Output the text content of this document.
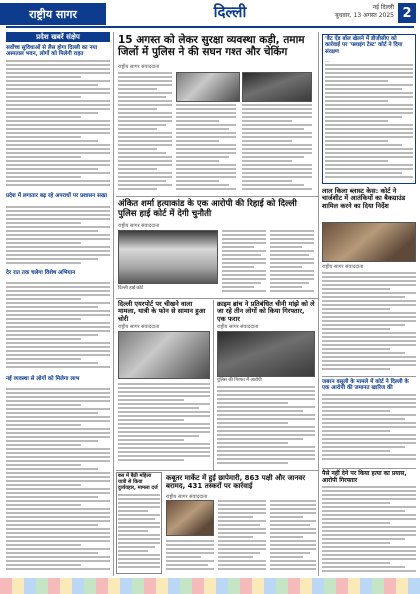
राष्ट्रीय सागर	दिल्ली	नई दिल्ली
बुधवार, 13 अगस्त 2025 2
प्रदेश खबरें संक्षेप
सर्वोच्च सुविधाओं से लैस होगा दिल्ली का नया अस्पताल भवन, लोगों को मिलेगी राहत
प्रदेश में लगातार बढ़ रहे अपराधों पर प्रशासन सख्त
देर रात तक चलेगा विशेष अभियान
नई व्यवस्था से लोगों को मिलेगा लाभ
15 अगस्त को लेकर सुरक्षा व्यवस्था कड़ी, तमाम जिलों में पुलिस ने की सघन गश्त और चेकिंग
राष्ट्रीय सागर संवाददाता
'बैट ऐंड बॉल खेलने में डीजीसीए को कार्रवाई पर 'फ्लाइंग टेस्ट' कोर्ट ने दिया संरक्षण
...
अंकित शर्मा हत्याकांड के एक आरोपी की रिहाई को दिल्ली पुलिस हाई कोर्ट में देगी चुनौती
राष्ट्रीय सागर संवाददाता
दिल्ली हाई कोर्ट
लाल किला ब्लास्ट केस: कोर्ट ने चार्जशीट में आतंकियों का बैकग्राउंड शामिल करने का दिया निर्देश
राष्ट्रीय सागर संवाददाता
दिल्ली एयरपोर्ट पर चीखने वाला मामला, यात्री के फोन से सामान हुआ चोरी
राष्ट्रीय सागर संवाददाता
क्राइम ब्रांच ने प्रतिबंधित चीनी मांझे को ले जा रहे तीन लोगों को किया गिरफ्तार, एक फरार
राष्ट्रीय सागर संवाददाता
पुलिस की गिरफ्त में आरोपी	जबरन वसूली के मामले में कोर्ट ने दिल्ली के एक आरोपी की जमानत खारिज की
बस में बैठी महिला यात्री से किया दुर्व्यवहार, मामला दर्ज
कबूतर मार्केट में हुई छापेमारी, 863 पक्षी और जानवर बरामद, 431 तस्करों पर कार्रवाई
राष्ट्रीय सागर संवाददाता
पैसे नहीं देने पर किया हत्या का प्रयास, आरोपी गिरफ्तार
